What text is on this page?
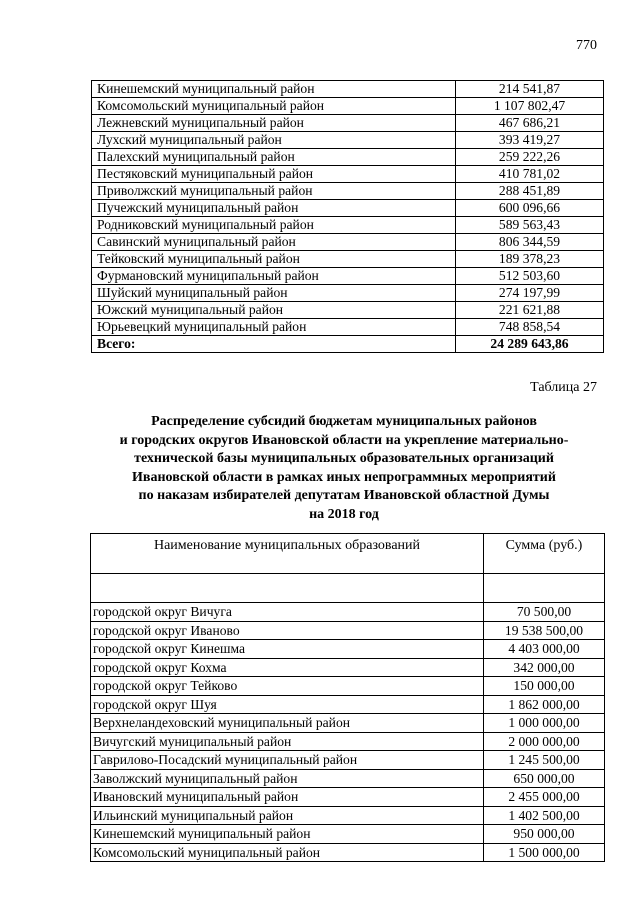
770
Кинешемский муниципальный район	214 541,87
Комсомольский муниципальный район	1 107 802,47
Лежневский муниципальный район	467 686,21
Лухский муниципальный район	393 419,27
Палехский муниципальный район	259 222,26
Пестяковский муниципальный район	410 781,02
Приволжский муниципальный район	288 451,89
Пучежский муниципальный район	600 096,66
Родниковский муниципальный район	589 563,43
Савинский муниципальный район	806 344,59
Тейковский муниципальный район	189 378,23
Фурмановский муниципальный район	512 503,60
Шуйский муниципальный район	274 197,99
Южский муниципальный район	221 621,88
Юрьевецкий муниципальный район	748 858,54
Всего:	24 289 643,86
Таблица 27
Распределение субсидий бюджетам муниципальных районов
и городских округов Ивановской области на укрепление материально-
технической базы муниципальных образовательных организаций
Ивановской области в рамках иных непрограммных мероприятий
по наказам избирателей депутатам Ивановской областной Думы
на 2018 год
Наименование муниципальных образований	Сумма (руб.)

городской округ Вичуга	70 500,00
городской округ Иваново	19 538 500,00
городской округ Кинешма	4 403 000,00
городской округ Кохма	342 000,00
городской округ Тейково	150 000,00
городской округ Шуя	1 862 000,00
Верхнеландеховский муниципальный район	1 000 000,00
Вичугский муниципальный район	2 000 000,00
Гаврилово-Посадский муниципальный район	1 245 500,00
Заволжский муниципальный район	650 000,00
Ивановский муниципальный район	2 455 000,00
Ильинский муниципальный район	1 402 500,00
Кинешемский муниципальный район	950 000,00
Комсомольский муниципальный район	1 500 000,00
